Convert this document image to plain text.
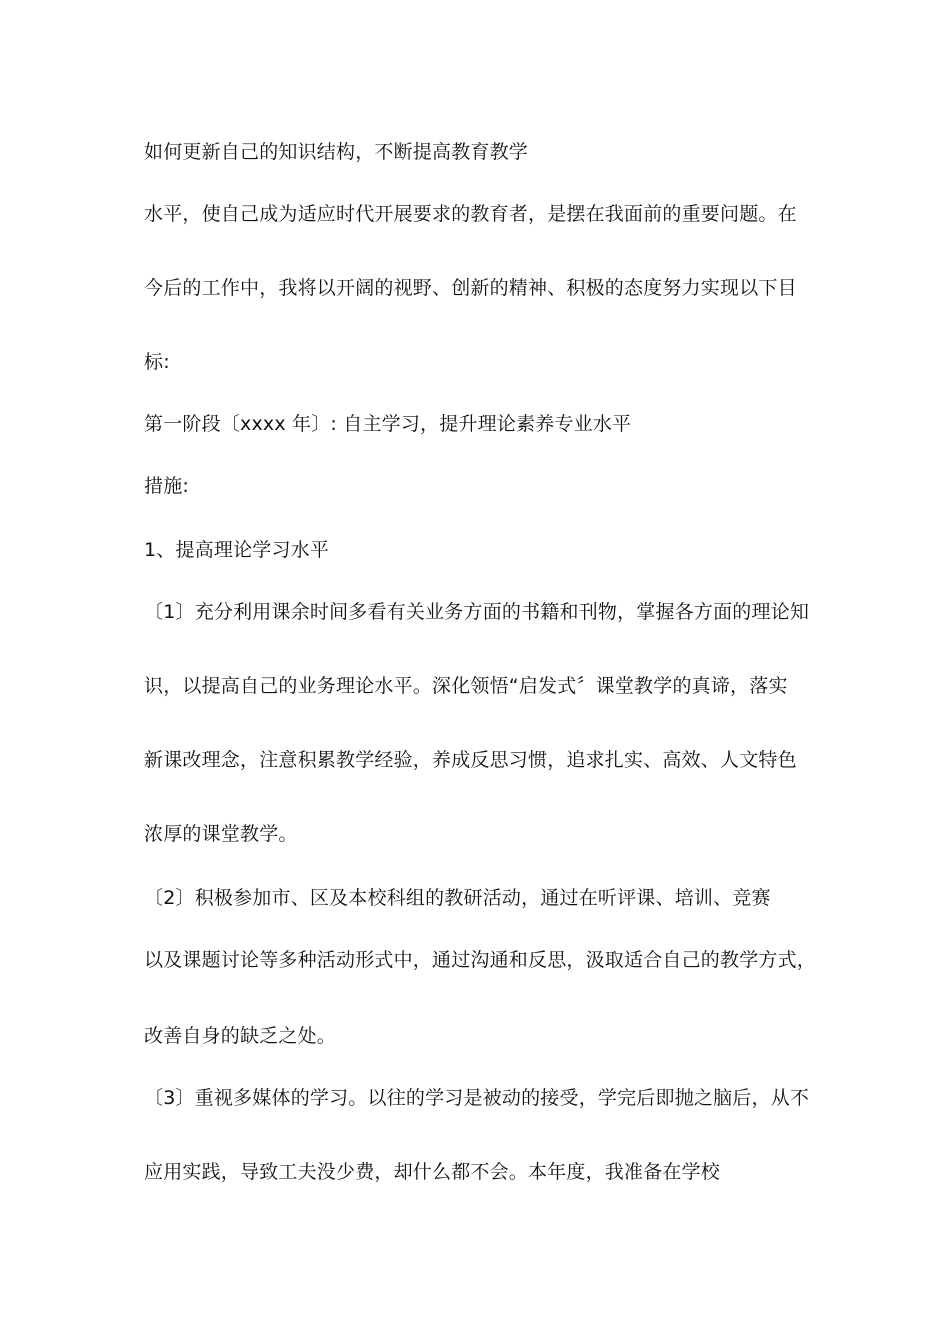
如何更新自己的知识结构，不断提高教育教学
水平，使自己成为适应时代开展要求的教育者，是摆在我面前的重要问题。在
今后的工作中，我将以开阔的视野、创新的精神、积极的态度努力实现以下目
标:
第一阶段〔xxxx 年〕: 自主学习，提升理论素养专业水平
措施:
1、提高理论学习水平
〔1〕充分利用课余时间多看有关业务方面的书籍和刊物，掌握各方面的理论知
识，以提高自己的业务理论水平。深化领悟“启发式〞课堂教学的真谛，落实
新课改理念，注意积累教学经验，养成反思习惯，追求扎实、高效、人文特色
浓厚的课堂教学。
〔2〕积极参加市、区及本校科组的教研活动，通过在听评课、培训、竞赛
以及课题讨论等多种活动形式中，通过沟通和反思，汲取适合自己的教学方式，
改善自身的缺乏之处。
〔3〕重视多媒体的学习。以往的学习是被动的接受，学完后即抛之脑后，从不
应用实践，导致工夫没少费，却什么都不会。本年度，我准备在学校
